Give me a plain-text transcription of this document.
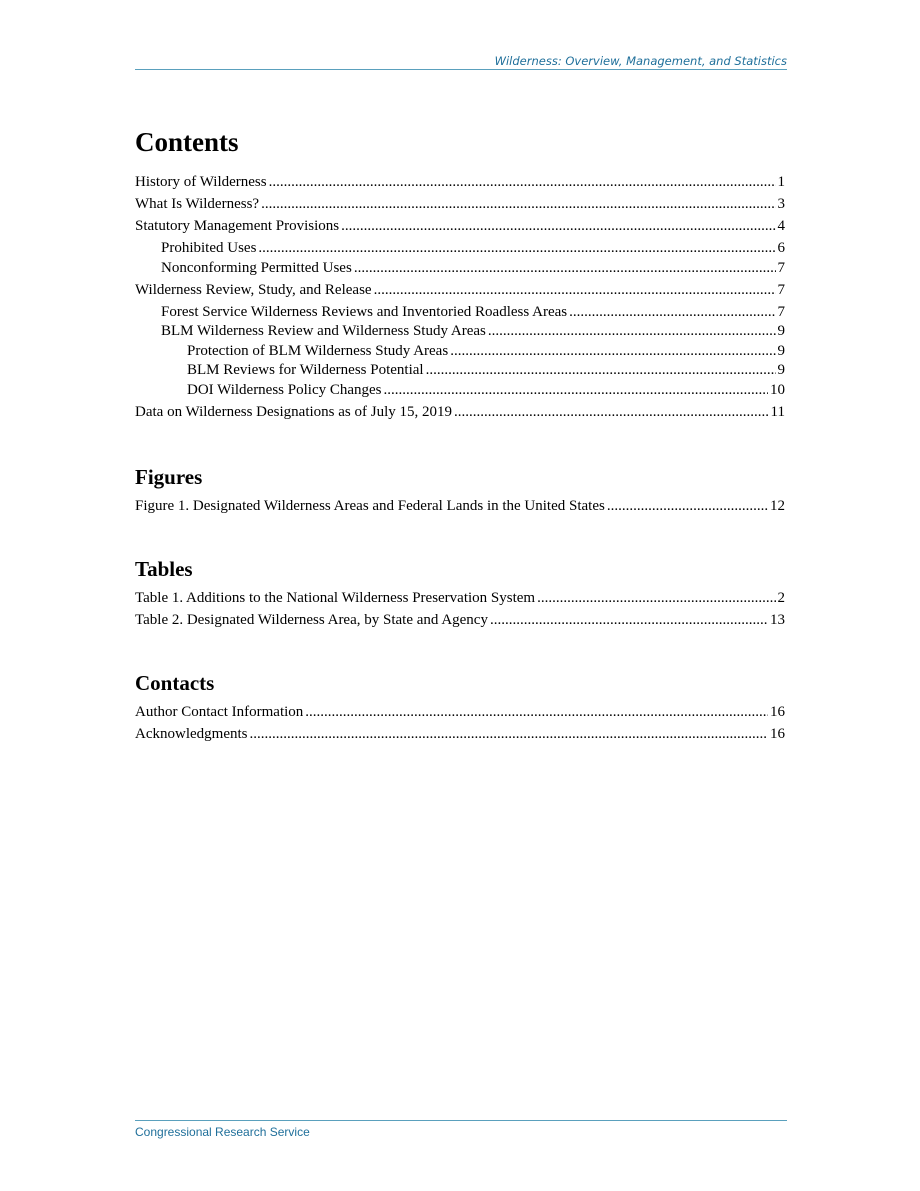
Wilderness: Overview, Management, and Statistics
Contents
History of Wilderness .....	1
What Is Wilderness? .....	3
Statutory Management Provisions .....	4
Prohibited Uses .....	6
Nonconforming Permitted Uses .....	7
Wilderness Review, Study, and Release .....	7
Forest Service Wilderness Reviews and Inventoried Roadless Areas .....	7
BLM Wilderness Review and Wilderness Study Areas .....	9
Protection of BLM Wilderness Study Areas .....	9
BLM Reviews for Wilderness Potential .....	9
DOI Wilderness Policy Changes .....	10
Data on Wilderness Designations as of July 15, 2019 .....	11
Figures
Figure 1. Designated Wilderness Areas and Federal Lands in the United States .....	12
Tables
Table 1. Additions to the National Wilderness Preservation System .....	2
Table 2. Designated Wilderness Area, by State and Agency .....	13
Contacts
Author Contact Information .....	16
Acknowledgments .....	16
Congressional Research Service
